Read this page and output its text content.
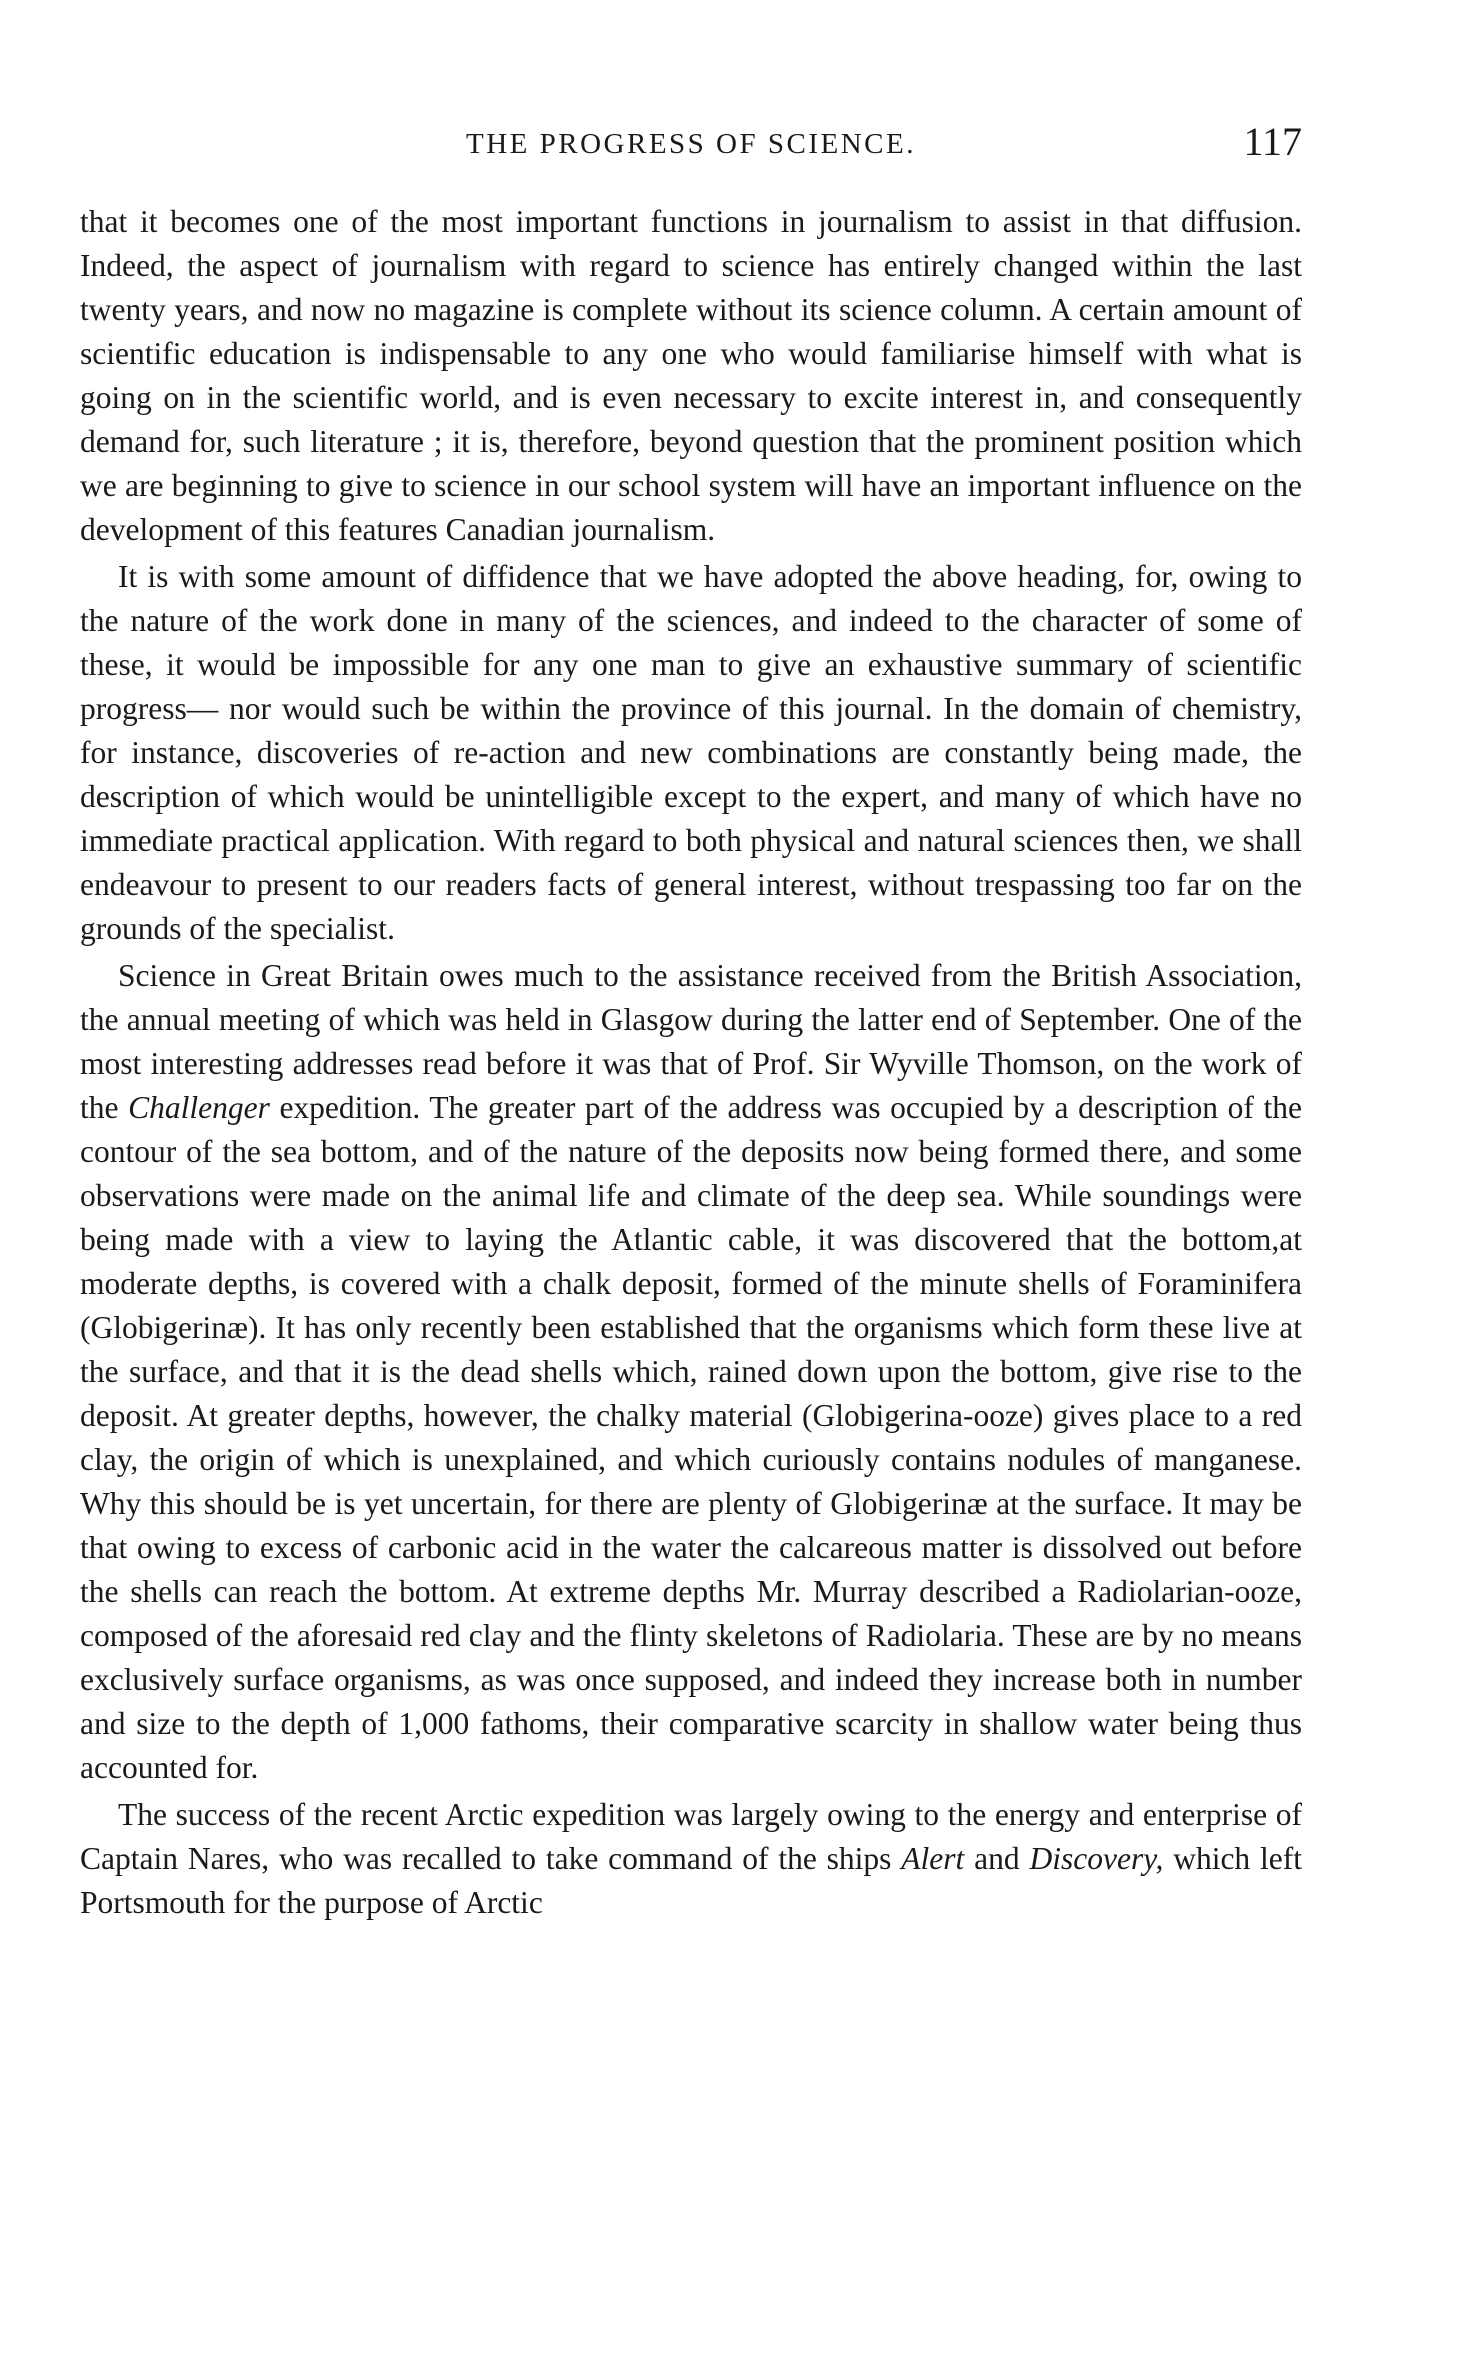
THE PROGRESS OF SCIENCE.	117

that it becomes one of the most important functions in journalism to assist in that diffusion. Indeed, the aspect of journalism with regard to science has entirely changed within the last twenty years, and now no magazine is complete without its science column. A certain amount of scientific education is indispensable to any one who would familiarise himself with what is going on in the scientific world, and is even necessary to excite interest in, and consequently demand for, such literature ; it is, therefore, beyond question that the prominent position which we are beginning to give to science in our school system will have an important influence on the development of this features Canadian journalism.

It is with some amount of diffidence that we have adopted the above heading, for, owing to the nature of the work done in many of the sciences, and indeed to the character of some of these, it would be impossible for any one man to give an exhaustive summary of scientific progress— nor would such be within the province of this journal. In the domain of chemistry, for instance, discoveries of re-action and new combinations are constantly being made, the description of which would be unintelligible except to the expert, and many of which have no immediate practical application. With regard to both physical and natural sciences then, we shall endeavour to present to our readers facts of general interest, without trespassing too far on the grounds of the specialist.

Science in Great Britain owes much to the assistance received from the British Association, the annual meeting of which was held in Glasgow during the latter end of September. One of the most interesting addresses read before it was that of Prof. Sir Wyville Thomson, on the work of the Challenger expedition. The greater part of the address was occupied by a description of the contour of the sea bottom, and of the nature of the deposits now being formed there, and some observations were made on the animal life and climate of the deep sea. While soundings were being made with a view to laying the Atlantic cable, it was discovered that the bottom,at moderate depths, is covered with a chalk deposit, formed of the minute shells of Foraminifera (Globigerinæ). It has only recently been established that the organisms which form these live at the surface, and that it is the dead shells which, rained down upon the bottom, give rise to the deposit. At greater depths, however, the chalky material (Globigerina-ooze) gives place to a red clay, the origin of which is unexplained, and which curiously contains nodules of manganese. Why this should be is yet uncertain, for there are plenty of Globigerinæ at the surface. It may be that owing to excess of carbonic acid in the water the calcareous matter is dissolved out before the shells can reach the bottom. At extreme depths Mr. Murray described a Radiolarian-ooze, composed of the aforesaid red clay and the flinty skeletons of Radiolaria. These are by no means exclusively surface organisms, as was once supposed, and indeed they increase both in number and size to the depth of 1,000 fathoms, their comparative scarcity in shallow water being thus accounted for.

The success of the recent Arctic expedition was largely owing to the energy and enterprise of Captain Nares, who was recalled to take command of the ships Alert and Discovery, which left Portsmouth for the purpose of Arctic
